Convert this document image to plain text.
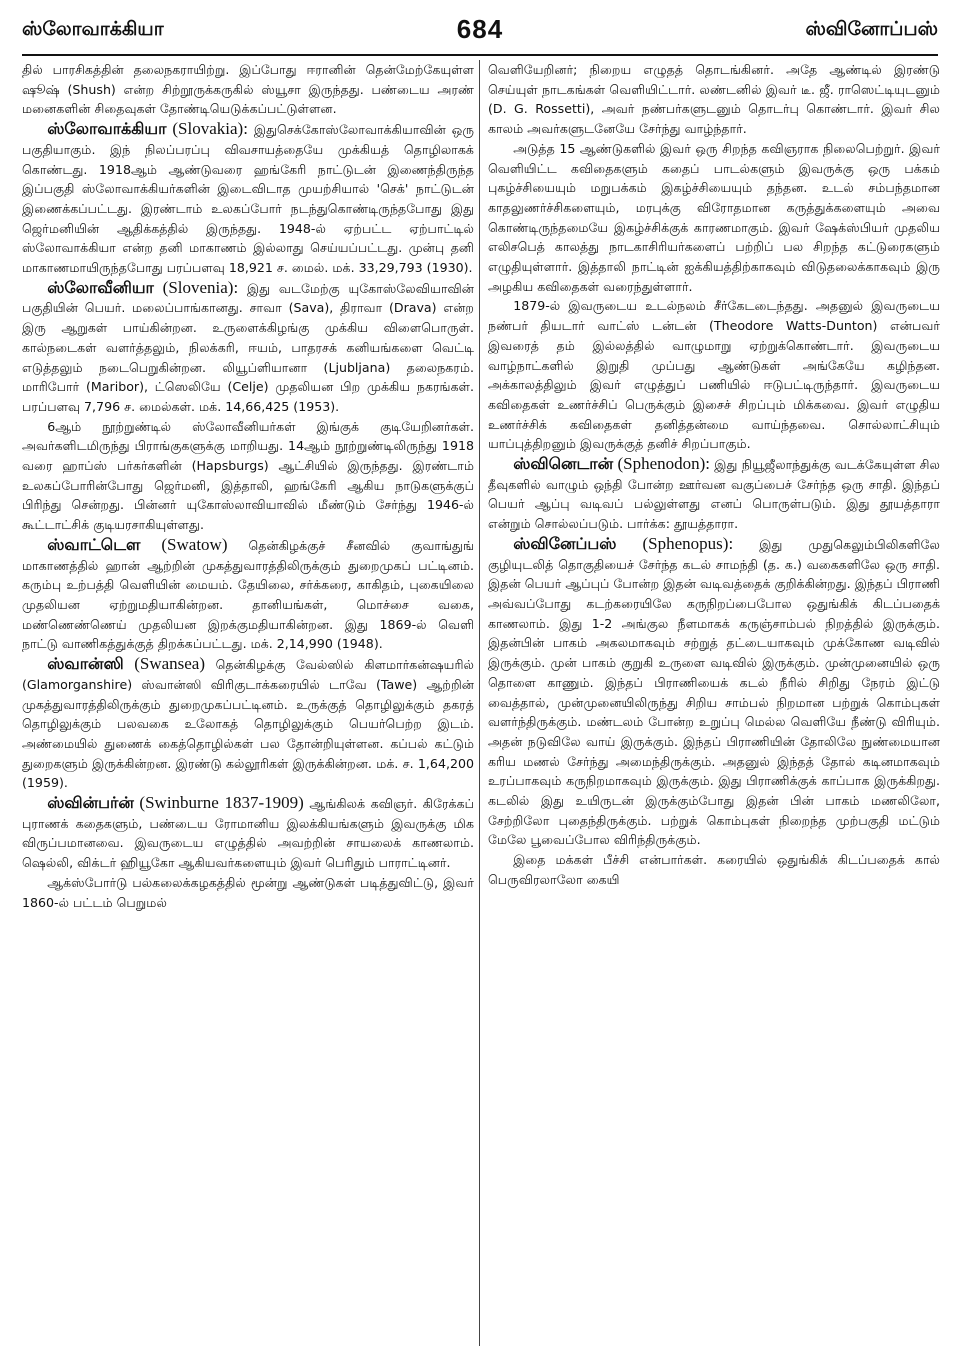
ஸ்லோவாக்கியா	684	ஸ்வினோப்பஸ்

தில் பாரசிகத்தின் தலைநகராயிற்று. இப்போது ஈரானின் தென்மேற்கேயுள்ள ஷூஷ் (Shush) என்ற சிற்றூருக்கருகில் ஸ்யூசா இருந்தது. பண்டைய அரண் மனைகளின் சிதைவுகள் தோண்டியெடுக்கப்பட்டுள்ளன.

ஸ்லோவாக்கியா (Slovakia): இதுசெக்கோஸ்லோவாக்கியாவின் ஒரு பகுதியாகும். இந் நிலப்பரப்பு விவசாயத்தையே முக்கியத் தொழிலாகக் கொண்டது. 1918ஆம் ஆண்டுவரை ஹங்கேரி நாட்டுடன் இணைந்திருந்த இப்பகுதி ஸ்லோவாக்கியர்களின் இடைவிடாத முயற்சியால் 'செக்' நாட்டுடன் இணைக்கப்பட்டது. இரண்டாம் உலகப்போர் நடந்துகொண்டிருந்தபோது இது ஜெர்மனியின் ஆதிக்கத்தில் இருந்தது. 1948-ல் ஏற்பட்ட ஏற்பாட்டில் ஸ்லோவாக்கியா என்ற தனி மாகாணம் இல்லாது செய்யப்பட்டது. முன்பு தனி மாகாணமாயிருந்தபோது பரப்பளவு 18,921 ச. மைல். மக். 33,29,793 (1930).

ஸ்லோவீனியா (Slovenia): இது வடமேற்கு யுகோஸ்லேவியாவின் பகுதியின் பெயர். மலைப்பாங்கானது. சாவா (Sava), திராவா (Drava) என்ற இரு ஆறுகள் பாய்கின்றன. உருளைக்கிழங்கு முக்கிய விளைபொருள். கால்நடைகள் வளர்த்தலும், நிலக்கரி, ஈயம், பாதரசக் கனியங்களை வெட்டி எடுத்தலும் நடைபெறுகின்றன. லியூப்ளியானா (Ljubljana) தலைநகரம். மாரிபோர் (Maribor), ட்ஸெலியே (Celje) முதலியன பிற முக்கிய நகரங்கள். பரப்பளவு 7,796 ச. மைல்கள். மக். 14,66,425 (1953).

6ஆம் நூற்றுண்டில் ஸ்லோவீனியர்கள் இங்குக் குடியேறினர்கள். அவர்களிடமிருந்து பிராங்குகளுக்கு மாறியது. 14ஆம் நூற்றுண்டிலிருந்து 1918 வரை ஹாப்ஸ் பர்கர்களின் (Hapsburgs) ஆட்சியில் இருந்தது. இரண்டாம் உலகப்போரின்போது ஜெர்மனி, இத்தாலி, ஹங்கேரி ஆகிய நாடுகளுக்குப் பிரிந்து சென்றது. பின்னர் யுகோஸ்லாவியாவில் மீண்டும் சேர்ந்து 1946-ல் கூட்டாட்சிக் குடியரசாகியுள்ளது.

ஸ்வாட்டௌ (Swatow) தென்கிழக்குச் சீனவில் குவாங்துங் மாகாணத்தில் ஹான் ஆற்றின் முகத்துவாரத்திலிருக்கும் துறைமுகப் பட்டினம். கரும்பு உற்பத்தி வெளியின் மையம். தேயிலை, சர்க்கரை, காகிதம், புகையிலை முதலியன ஏற்றுமதியாகின்றன. தானியங்கள், மொச்சை வகை, மண்ணெண்ணெய் முதலியன இறக்குமதியாகின்றன. இது 1869-ல் வெளி நாட்டு வாணிகத்துக்குத் திறக்கப்பட்டது. மக். 2,14,990 (1948).

ஸ்வான்ஸி (Swansea) தென்கிழக்கு வேல்ஸில் கிளமார்கன்ஷயரில் (Glamorganshire) ஸ்வான்ஸி விரிகுடாக்கரையில் டாவே (Tawe) ஆற்றின் முகத்துவாரத்திலிருக்கும் துறைமுகப்பட்டினம். உருக்குத் தொழிலுக்கும் தகரத் தொழிலுக்கும் பலவகை உலோகத் தொழிலுக்கும் பெயர்பெற்ற இடம். அண்மையில் துணைக் கைத்தொழில்கள் பல தோன்றியுள்ளன. கப்பல் கட்டும் துறைகளும் இருக்கின்றன. இரண்டு கல்லூரிகள் இருக்கின்றன. மக். ச. 1,64,200 (1959).

ஸ்வின்பர்ன் (Swinburne 1837-1909) ஆங்கிலக் கவிஞர். கிரேக்கப் புராணக் கதைகளும், பண்டைய ரோமானிய இலக்கியங்களும் இவருக்கு மிக விருப்பமானவை. இவருடைய எழுத்தில் அவற்றின் சாயலைக் காணலாம். ஷெல்லி, விக்டர் ஹியூகோ ஆகியவர்களையும் இவர் பெரிதும் பாராட்டினர்.

ஆக்ஸ்போர்டு பல்கலைக்கழகத்தில் மூன்று ஆண்டுகள் படித்துவிட்டு, இவர் 1860-ல் பட்டம் பெறுமல்

வெளியேறினர்; நிறைய எழுதத் தொடங்கினர். அதே ஆண்டில் இரண்டு செய்யுள் நாடகங்கள் வெளியிட்டார். லண்டனில் இவர் டீ. ஜீ. ராஸெட்டியுடனும் (D. G. Rossetti), அவர் நண்பர்களுடனும் தொடர்பு கொண்டார். இவர் சில காலம் அவர்களுடனேயே சேர்ந்து வாழ்ந்தார்.

அடுத்த 15 ஆண்டுகளில் இவர் ஒரு சிறந்த கவிஞராக நிலைபெற்றுர். இவர் வெளியிட்ட கவிதைகளும் கதைப் பாடல்களும் இவருக்கு ஒரு பக்கம் புகழ்ச்சியையும் மறுபக்கம் இகழ்ச்சியையும் தந்தன. உடல் சம்பந்தமான காதலுணர்ச்சிகளையும், மரபுக்கு விரோதமான கருத்துக்களையும் அவை கொண்டிருந்தமையே இகழ்ச்சிக்குக் காரணமாகும். இவர் ஷேக்ஸ்பியர் முதலிய எலிசபெத் காலத்து நாடகாசிரியர்களைப் பற்றிப் பல சிறந்த கட்டுரைகளும் எழுதியுள்ளார். இத்தாலி நாட்டின் ஐக்கியத்திற்காகவும் விடுதலைக்காகவும் இரு அழகிய கவிதைகள் வரைந்துள்ளார்.

1879-ல் இவருடைய உடல்நலம் சீர்கேடடைந்தது. அதனுல் இவருடைய நண்பர் தியடார் வாட்ஸ் டன்டன் (Theodore Watts-Dunton) என்பவர் இவரைத் தம் இல்லத்தில் வாழுமாறு ஏற்றுக்கொண்டார். இவருடைய வாழ்நாட்களில் இறுதி முப்பது ஆண்டுகள் அங்கேயே கழிந்தன. அக்காலத்திலும் இவர் எழுத்துப் பணியில் ஈடுபட்டிருந்தார். இவருடைய கவிதைகள் உணர்ச்சிப் பெருக்கும் இசைச் சிறப்பும் மிக்கவை. இவர் எழுதிய உணர்ச்சிக் கவிதைகள் தனித்தன்மை வாய்ந்தவை. சொல்லாட்சியும் யாப்புத்திறனும் இவருக்குத் தனிச் சிறப்பாகும்.

ஸ்வினெடான் (Sphenodon): இது நியூஜீலாந்துக்கு வடக்கேயுள்ள சில தீவுகளில் வாழும் ஒந்தி போன்ற ஊர்வன வகுப்பைச் சேர்ந்த ஒரு சாதி. இந்தப் பெயர் ஆப்பு வடிவப் பல்லுள்ளது எனப் பொருள்படும். இது தூயத்தாரா என்றும் சொல்லப்படும். பார்க்க: தூயத்தாரா.

ஸ்வினேப்பஸ் (Sphenopus): இது முதுகெலும்பிலிகளிலே குழியுடலித் தொகுதியைச் சேர்ந்த கடல் சாமந்தி (த. க.) வகைகளிலே ஒரு சாதி. இதன் பெயர் ஆப்புப் போன்ற இதன் வடிவத்தைக் குறிக்கின்றது. இந்தப் பிராணி அவ்வப்போது கடற்கரையிலே கருநிறப்பைபோல ஒதுங்கிக் கிடப்பதைக் காணலாம். இது 1-2 அங்குல நீளமாகக் கருஞ்சாம்பல் நிறத்தில் இருக்கும். இதன்பின் பாகம் அகலமாகவும் சற்றுத் தட்டையாகவும் முக்கோண வடிவில் இருக்கும். முன் பாகம் குறுகி உருளை வடிவில் இருக்கும். முன்முனையில் ஒரு தொளை காணும். இந்தப் பிராணியைக் கடல் நீரில் சிறிது நேரம் இட்டு வைத்தால், முன்முனையிலிருந்து சிறிய சாம்பல் நிறமான பற்றுக் கொம்புகள் வளர்ந்திருக்கும். மண்டலம் போன்ற உறுப்பு மெல்ல வெளியே நீண்டு விரியும். அதன் நடுவிலே வாய் இருக்கும். இந்தப் பிராணியின் தோலிலே நுண்மையான கரிய மணல் சேர்ந்து அமைந்திருக்கும். அதனுல் இந்தத் தோல் கடினமாகவும் உரப்பாகவும் கருநிறமாகவும் இருக்கும். இது பிராணிக்குக் காப்பாக இருக்கிறது. கடலில் இது உயிருடன் இருக்கும்போது இதன் பின் பாகம் மணலிலோ, சேற்றிலோ புதைந்திருக்கும். பற்றுக் கொம்புகள் நிறைந்த முற்பகுதி மட்டும் மேலே பூவைப்போல விரிந்திருக்கும்.

இதை மக்கள் பீச்சி என்பார்கள். கரையில் ஒதுங்கிக் கிடப்பதைக் கால் பெருவிரலாலோ கையி
